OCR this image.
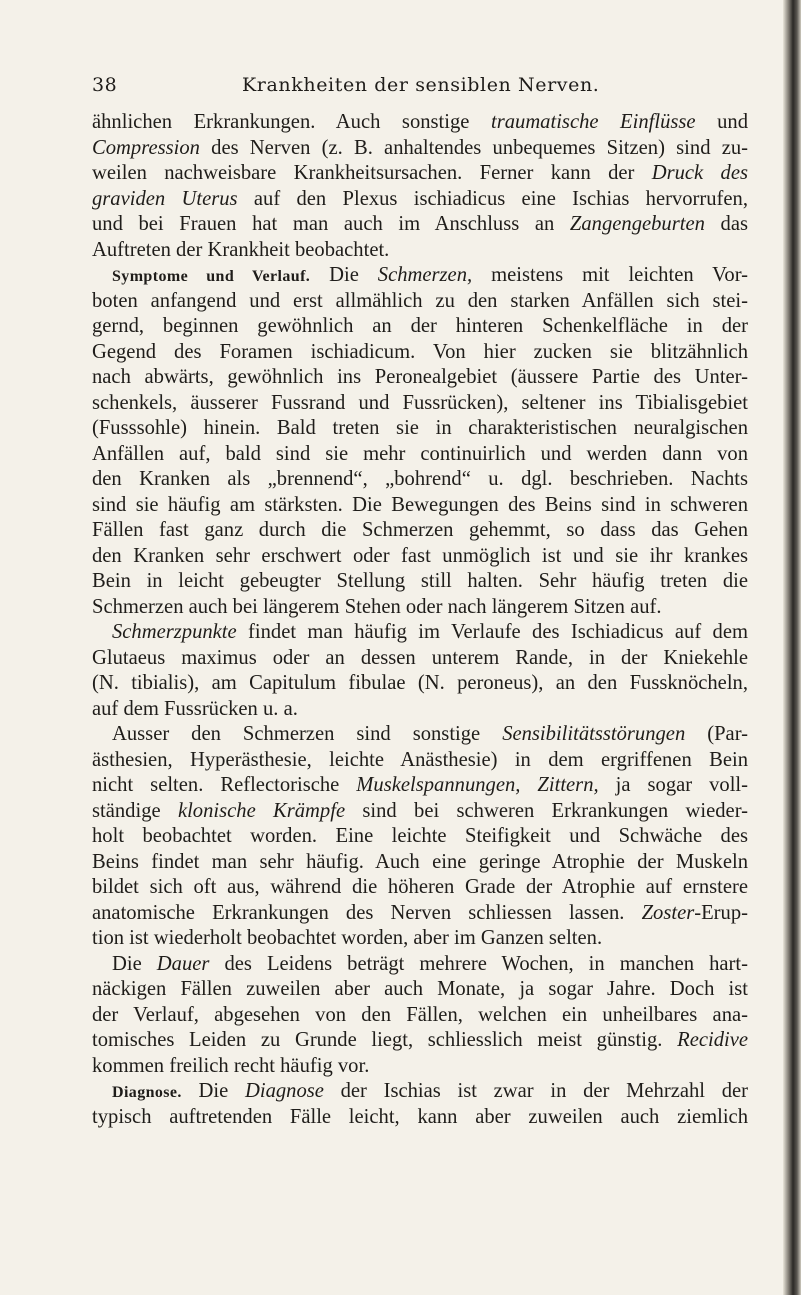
38	Krankheiten der sensiblen Nerven.
ähnlichen Erkrankungen. Auch sonstige traumatische Einflüsse und
Compression des Nerven (z. B. anhaltendes unbequemes Sitzen) sind zu-
weilen nachweisbare Krankheitsursachen. Ferner kann der Druck des
graviden Uterus auf den Plexus ischiadicus eine Ischias hervorrufen,
und bei Frauen hat man auch im Anschluss an Zangengeburten das
Auftreten der Krankheit beobachtet.
Symptome und Verlauf. Die Schmerzen, meistens mit leichten Vor-
boten anfangend und erst allmählich zu den starken Anfällen sich stei-
gernd, beginnen gewöhnlich an der hinteren Schenkelfläche in der
Gegend des Foramen ischiadicum. Von hier zucken sie blitzähnlich
nach abwärts, gewöhnlich ins Peronealgebiet (äussere Partie des Unter-
schenkels, äusserer Fussrand und Fussrücken), seltener ins Tibialisgebiet
(Fusssohle) hinein. Bald treten sie in charakteristischen neuralgischen
Anfällen auf, bald sind sie mehr continuirlich und werden dann von
den Kranken als „brennend“, „bohrend“ u. dgl. beschrieben. Nachts
sind sie häufig am stärksten. Die Bewegungen des Beins sind in schweren
Fällen fast ganz durch die Schmerzen gehemmt, so dass das Gehen
den Kranken sehr erschwert oder fast unmöglich ist und sie ihr krankes
Bein in leicht gebeugter Stellung still halten. Sehr häufig treten die
Schmerzen auch bei längerem Stehen oder nach längerem Sitzen auf.
Schmerzpunkte findet man häufig im Verlaufe des Ischiadicus auf dem
Glutaeus maximus oder an dessen unterem Rande, in der Kniekehle
(N. tibialis), am Capitulum fibulae (N. peroneus), an den Fussknöcheln,
auf dem Fussrücken u. a.
Ausser den Schmerzen sind sonstige Sensibilitätsstörungen (Par-
ästhesien, Hyperästhesie, leichte Anästhesie) in dem ergriffenen Bein
nicht selten. Reflectorische Muskelspannungen, Zittern, ja sogar voll-
ständige klonische Krämpfe sind bei schweren Erkrankungen wieder-
holt beobachtet worden. Eine leichte Steifigkeit und Schwäche des
Beins findet man sehr häufig. Auch eine geringe Atrophie der Muskeln
bildet sich oft aus, während die höheren Grade der Atrophie auf ernstere
anatomische Erkrankungen des Nerven schliessen lassen. Zoster-Erup-
tion ist wiederholt beobachtet worden, aber im Ganzen selten.
Die Dauer des Leidens beträgt mehrere Wochen, in manchen hart-
näckigen Fällen zuweilen aber auch Monate, ja sogar Jahre. Doch ist
der Verlauf, abgesehen von den Fällen, welchen ein unheilbares ana-
tomisches Leiden zu Grunde liegt, schliesslich meist günstig. Recidive
kommen freilich recht häufig vor.
Diagnose. Die Diagnose der Ischias ist zwar in der Mehrzahl der
typisch auftretenden Fälle leicht, kann aber zuweilen auch ziemlich
